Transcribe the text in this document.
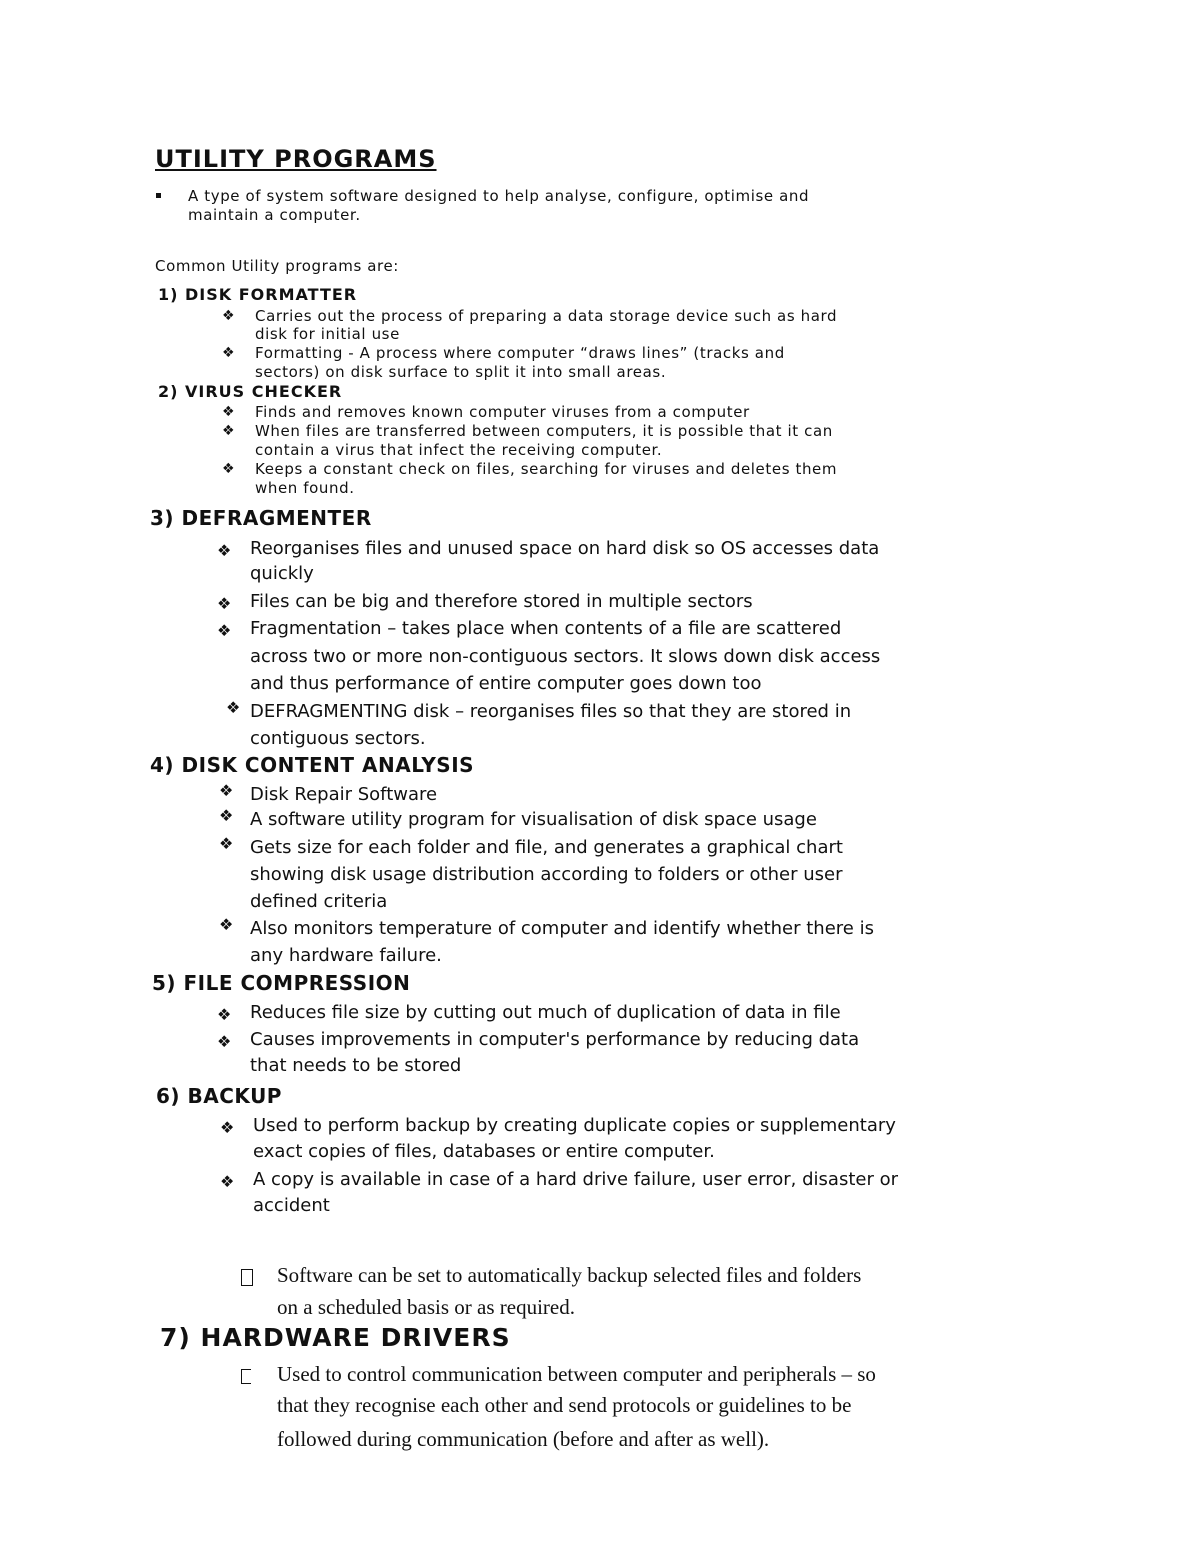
UTILITY PROGRAMS
A type of system software designed to help analyse, configure, optimise and
maintain a computer.
Common Utility programs are:
1) DISK FORMATTER
❖ Carries out the process of preparing a data storage device such as hard
disk for initial use
❖ Formatting - A process where computer “draws lines” (tracks and
sectors) on disk surface to split it into small areas.
2) VIRUS CHECKER
❖ Finds and removes known computer viruses from a computer
❖ When files are transferred between computers, it is possible that it can
contain a virus that infect the receiving computer.
❖ Keeps a constant check on files, searching for viruses and deletes them
when found.
3) DEFRAGMENTER
❖ Reorganises files and unused space on hard disk so OS accesses data
quickly
❖ Files can be big and therefore stored in multiple sectors
❖ Fragmentation – takes place when contents of a file are scattered
across two or more non-contiguous sectors. It slows down disk access
and thus performance of entire computer goes down too
❖ DEFRAGMENTING disk – reorganises files so that they are stored in
contiguous sectors.
4) DISK CONTENT ANALYSIS
❖ Disk Repair Software
❖ A software utility program for visualisation of disk space usage
❖ Gets size for each folder and file, and generates a graphical chart
showing disk usage distribution according to folders or other user
defined criteria
❖ Also monitors temperature of computer and identify whether there is
any hardware failure.
5) FILE COMPRESSION
❖ Reduces file size by cutting out much of duplication of data in file
❖ Causes improvements in computer's performance by reducing data
that needs to be stored
6) BACKUP
❖ Used to perform backup by creating duplicate copies or supplementary
exact copies of files, databases or entire computer.
❖ A copy is available in case of a hard drive failure, user error, disaster or
accident
Software can be set to automatically backup selected files and folders
on a scheduled basis or as required.
7) HARDWARE DRIVERS
Used to control communication between computer and peripherals – so
that they recognise each other and send protocols or guidelines to be
followed during communication (before and after as well).
